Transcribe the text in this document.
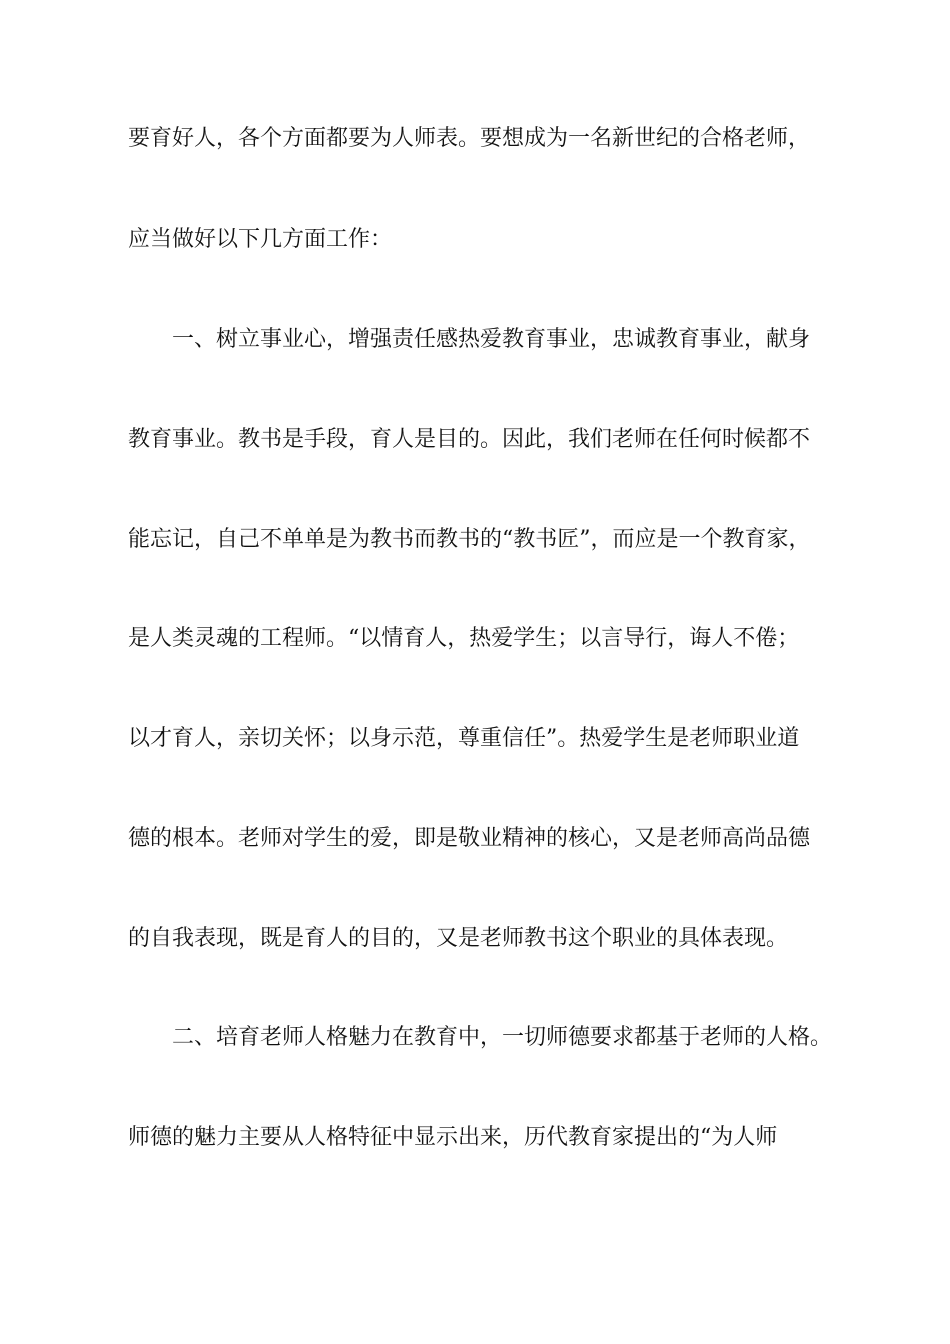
要育好人，各个方面都要为人师表。要想成为一名新世纪的合格老师，
应当做好以下几方面工作：
一、树立事业心，增强责任感热爱教育事业，忠诚教育事业，献身
教育事业。教书是手段，育人是目的。因此，我们老师在任何时候都不
能忘记，自己不单单是为教书而教书的“教书匠”，而应是一个教育家，
是人类灵魂的工程师。“以情育人，热爱学生；以言导行，诲人不倦；
以才育人，亲切关怀；以身示范，尊重信任”。热爱学生是老师职业道
德的根本。老师对学生的爱，即是敬业精神的核心，又是老师高尚品德
的自我表现，既是育人的目的，又是老师教书这个职业的具体表现。
二、培育老师人格魅力在教育中，一切师德要求都基于老师的人格。
师德的魅力主要从人格特征中显示出来，历代教育家提出的“为人师
